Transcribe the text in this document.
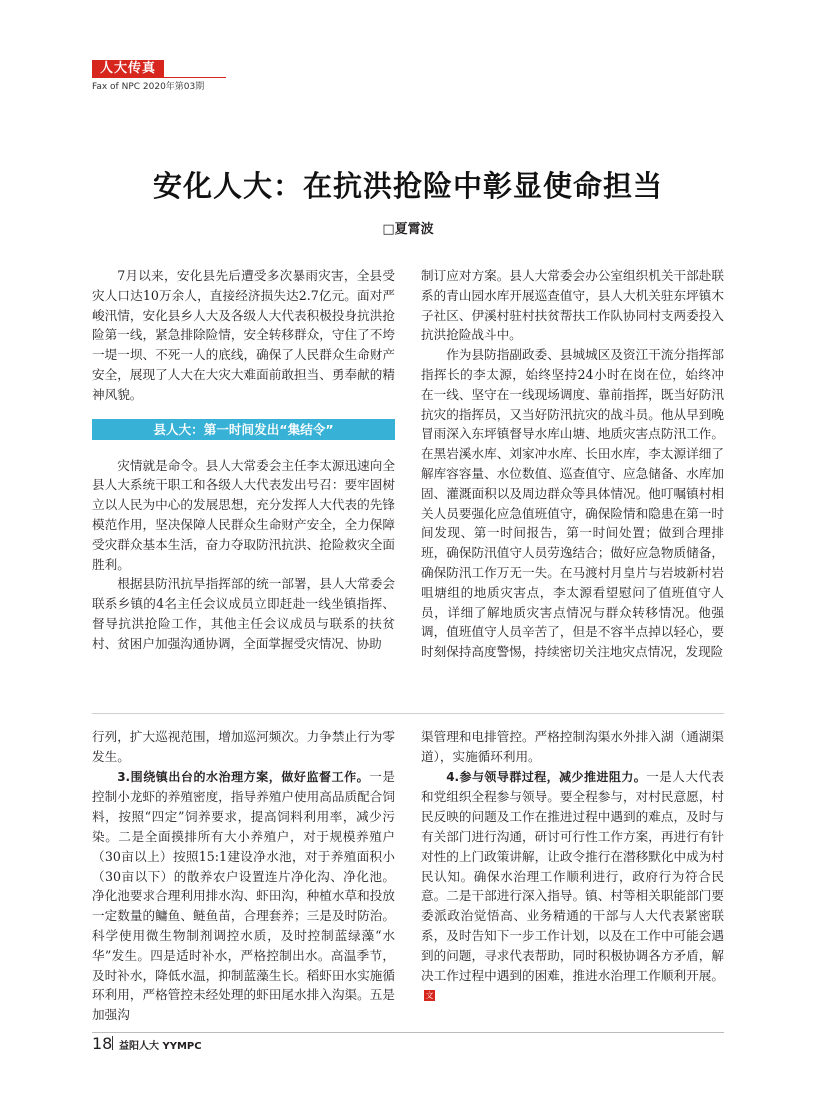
人大传真
Fax of NPC 2020年第03期
安化人大：在抗洪抢险中彰显使命担当
□夏霄波

7月以来，安化县先后遭受多次暴雨灾害，全县受灾人口达10万余人，直接经济损失达2.7亿元。面对严峻汛情，安化县乡人大及各级人大代表积极投身抗洪抢险第一线，紧急排除险情，安全转移群众，守住了不垮一堤一坝、不死一人的底线，确保了人民群众生命财产安全，展现了人大在大灾大难面前敢担当、勇奉献的精神风貌。

县人大：第一时间发出“集结令”

灾情就是命令。县人大常委会主任李太源迅速向全县人大系统干职工和各级人大代表发出号召：要牢固树立以人民为中心的发展思想，充分发挥人大代表的先锋模范作用，坚决保障人民群众生命财产安全，全力保障受灾群众基本生活，奋力夺取防汛抗洪、抢险救灾全面胜利。

根据县防汛抗旱指挥部的统一部署，县人大常委会联系乡镇的4名主任会议成员立即赶赴一线坐镇指挥、督导抗洪抢险工作，其他主任会议成员与联系的扶贫村、贫困户加强沟通协调，全面掌握受灾情况、协助

制订应对方案。县人大常委会办公室组织机关干部赴联系的青山园水库开展巡查值守，县人大机关驻东坪镇木子社区、伊溪村驻村扶贫帮扶工作队协同村支两委投入抗洪抢险战斗中。

作为县防指副政委、县城城区及资江干流分指挥部指挥长的李太源，始终坚持24小时在岗在位，始终冲在一线、坚守在一线现场调度、靠前指挥，既当好防汛抗灾的指挥员，又当好防汛抗灾的战斗员。他从早到晚冒雨深入东坪镇督导水库山塘、地质灾害点防汛工作。在黑岩溪水库、刘家冲水库、长田水库，李太源详细了解库容容量、水位数值、巡查值守、应急储备、水库加固、灌溉面积以及周边群众等具体情况。他叮嘱镇村相关人员要强化应急值班值守，确保险情和隐患在第一时间发现、第一时间报告，第一时间处置；做到合理排班，确保防汛值守人员劳逸结合；做好应急物质储备，确保防汛工作万无一失。在马渡村月皇片与岩坡新村岩咀塘组的地质灾害点，李太源看望慰问了值班值守人员，详细了解地质灾害点情况与群众转移情况。他强调，值班值守人员辛苦了，但是不容半点掉以轻心，要时刻保持高度警惕，持续密切关注地灾点情况，发现险

行列，扩大巡视范围，增加巡河频次。力争禁止行为零发生。

3.围绕镇出台的水治理方案，做好监督工作。一是控制小龙虾的养殖密度，指导养殖户使用高品质配合饲料，按照“四定”饲养要求，提高饲料利用率，减少污染。二是全面摸排所有大小养殖户，对于规模养殖户（30亩以上）按照15:1建设净水池，对于养殖面积小（30亩以下）的散养农户设置连片净化沟、净化池。净化池要求合理利用排水沟、虾田沟，种植水草和投放一定数量的鳙鱼、鲢鱼苗，合理套养；三是及时防治。科学使用微生物制剂调控水质，及时控制蓝绿藻“水华”发生。四是适时补水，严格控制出水。高温季节，及时补水，降低水温，抑制蓝藻生长。稻虾田水实施循环利用，严格管控未经处理的虾田尾水排入沟渠。五是加强沟

渠管理和电排管控。严格控制沟渠水外排入湖（通湖渠道），实施循环利用。

4.参与领导群过程，减少推进阻力。一是人大代表和党组织全程参与领导。要全程参与，对村民意愿，村民反映的问题及工作在推进过程中遇到的难点，及时与有关部门进行沟通，研讨可行性工作方案，再进行有针对性的上门政策讲解，让政令推行在潜移默化中成为村民认知。确保水治理工作顺利进行，政府行为符合民意。二是干部进行深入指导。镇、村等相关职能部门要委派政治觉悟高、业务精通的干部与人大代表紧密联系，及时告知下一步工作计划，以及在工作中可能会遇到的问题，寻求代表帮助，同时积极协调各方矛盾，解决工作过程中遇到的困难，推进水治理工作顺利开展。文

18 益阳人大 YYMPC
